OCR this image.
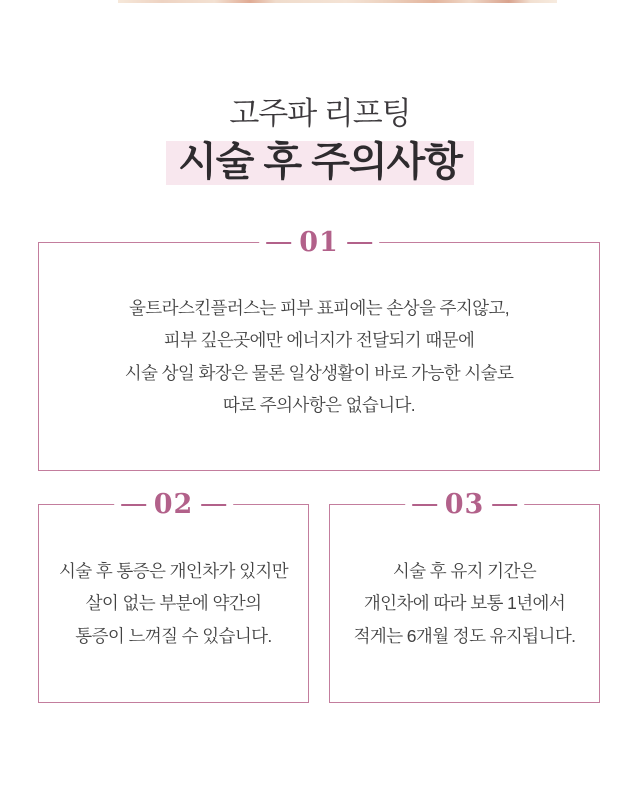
고주파 리프팅
시술 후 주의사항
01
울트라스킨플러스는 피부 표피에는 손상을 주지않고,
피부 깊은곳에만 에너지가 전달되기 때문에
시술 상일 화장은 물론 일상생활이 바로 가능한 시술로
따로 주의사항은 없습니다.
02
시술 후 통증은 개인차가 있지만
살이 없는 부분에 약간의
통증이 느껴질 수 있습니다.
03
시술 후 유지 기간은
개인차에 따라 보통 1년에서
적게는 6개월 정도 유지됩니다.
